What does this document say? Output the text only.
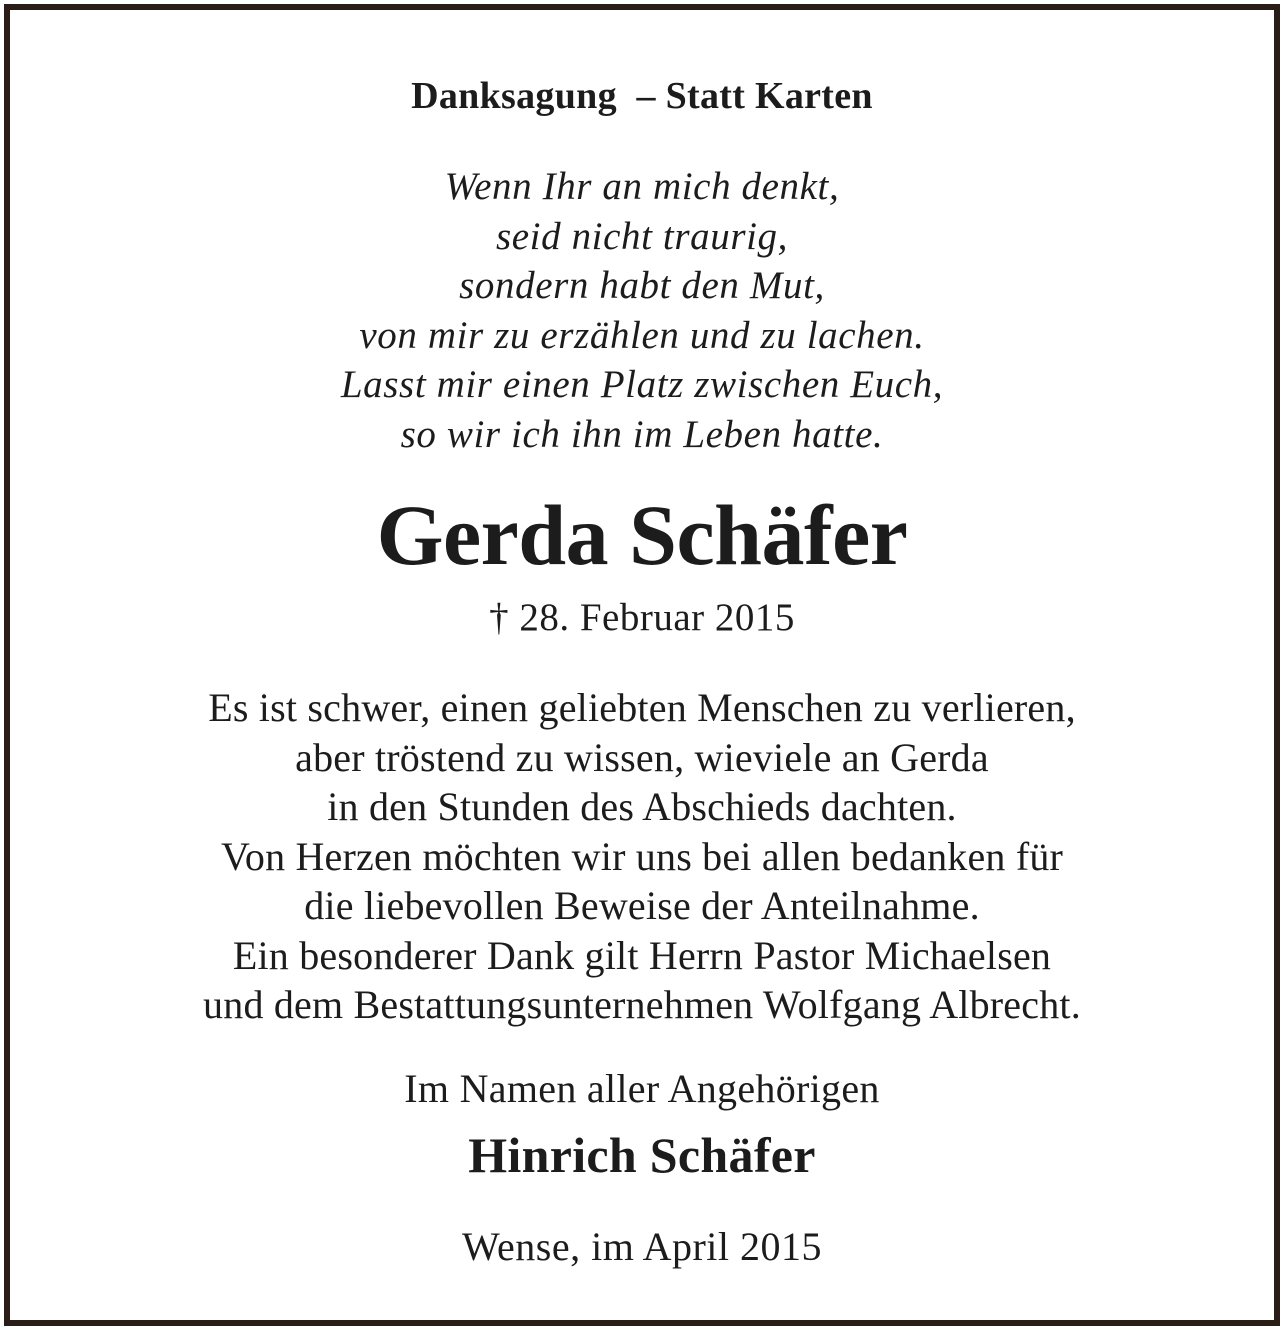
Danksagung  – Statt Karten
Wenn Ihr an mich denkt,
seid nicht traurig,
sondern habt den Mut,
von mir zu erzählen und zu lachen.
Lasst mir einen Platz zwischen Euch,
so wir ich ihn im Leben hatte.
Gerda Schäfer
† 28. Februar 2015
Es ist schwer, einen geliebten Menschen zu verlieren,
aber tröstend zu wissen, wieviele an Gerda
in den Stunden des Abschieds dachten.
Von Herzen möchten wir uns bei allen bedanken für
die liebevollen Beweise der Anteilnahme.
Ein besonderer Dank gilt Herrn Pastor Michaelsen
und dem Bestattungsunternehmen Wolfgang Albrecht.
Im Namen aller Angehörigen
Hinrich Schäfer
Wense, im April 2015
